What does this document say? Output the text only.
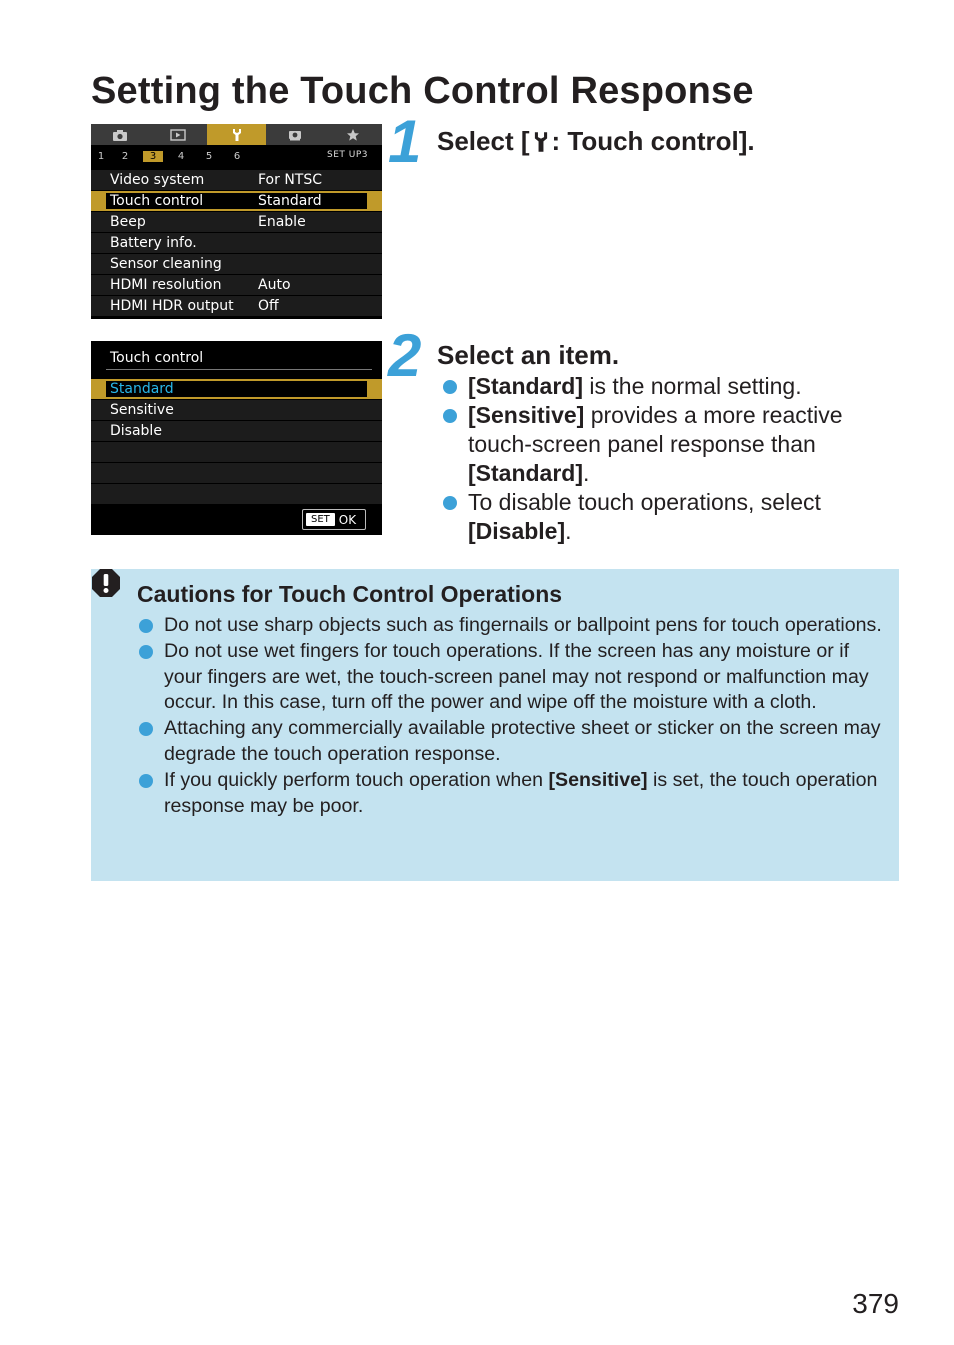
Setting the Touch Control Response
1	2	3	4	5	6	SET UP3
Video system	For NTSC
Touch control	Standard
Beep	Enable
Battery info.
Sensor cleaning
HDMI resolution	Auto
HDMI HDR output Off
1 Select [ : Touch control].
Touch control
Standard
Sensitive
Disable
SET OK
2 Select an item.
[Standard] is the normal setting.
[Sensitive] provides a more reactive touch-screen panel response than [Standard].
To disable touch operations, select [Disable].
Cautions for Touch Control Operations
Do not use sharp objects such as fingernails or ballpoint pens for touch operations.
Do not use wet fingers for touch operations. If the screen has any moisture or if your fingers are wet, the touch-screen panel may not respond or malfunction may occur. In this case, turn off the power and wipe off the moisture with a cloth.
Attaching any commercially available protective sheet or sticker on the screen may degrade the touch operation response.
If you quickly perform touch operation when [Sensitive] is set, the touch operation response may be poor.
379
